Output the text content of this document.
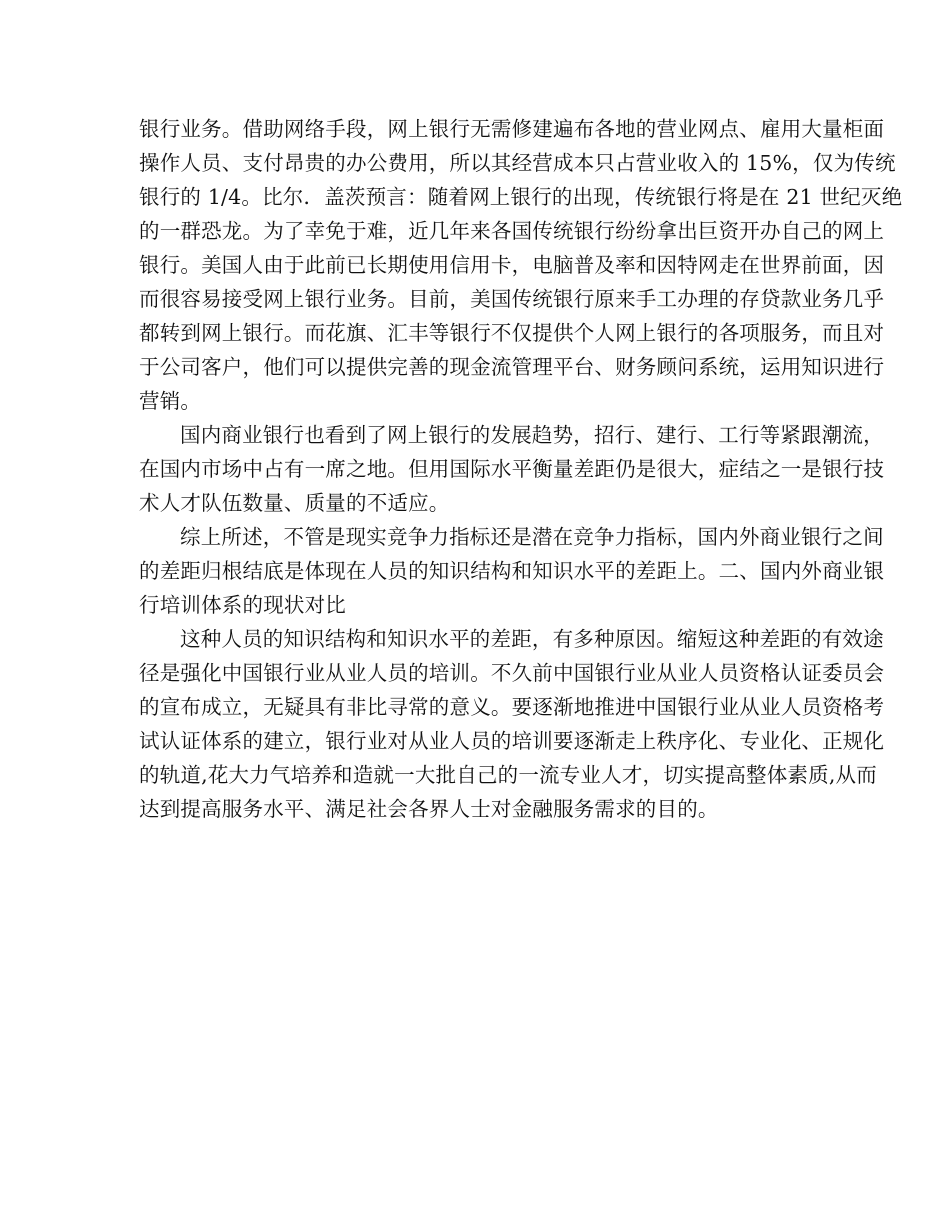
银行业务。借助网络手段，网上银行无需修建遍布各地的营业网点、雇用大量柜面
操作人员、支付昂贵的办公费用，所以其经营成本只占营业收入的 15%，仅为传统
银行的 1/4。比尔．盖茨预言：随着网上银行的出现，传统银行将是在 21 世纪灭绝
的一群恐龙。为了幸免于难，近几年来各国传统银行纷纷拿出巨资开办自己的网上
银行。美国人由于此前已长期使用信用卡，电脑普及率和因特网走在世界前面，因
而很容易接受网上银行业务。目前，美国传统银行原来手工办理的存贷款业务几乎
都转到网上银行。而花旗、汇丰等银行不仅提供个人网上银行的各项服务，而且对
于公司客户，他们可以提供完善的现金流管理平台、财务顾问系统，运用知识进行
营销。

国内商业银行也看到了网上银行的发展趋势，招行、建行、工行等紧跟潮流，
在国内市场中占有一席之地。但用国际水平衡量差距仍是很大，症结之一是银行技
术人才队伍数量、质量的不适应。

综上所述，不管是现实竞争力指标还是潜在竞争力指标，国内外商业银行之间
的差距归根结底是体现在人员的知识结构和知识水平的差距上。二、国内外商业银
行培训体系的现状对比

这种人员的知识结构和知识水平的差距，有多种原因。缩短这种差距的有效途
径是强化中国银行业从业人员的培训。不久前中国银行业从业人员资格认证委员会
的宣布成立，无疑具有非比寻常的意义。要逐渐地推进中国银行业从业人员资格考
试认证体系的建立，银行业对从业人员的培训要逐渐走上秩序化、专业化、正规化
的轨道,花大力气培养和造就一大批自己的一流专业人才，切实提高整体素质,从而
达到提高服务水平、满足社会各界人士对金融服务需求的目的。
